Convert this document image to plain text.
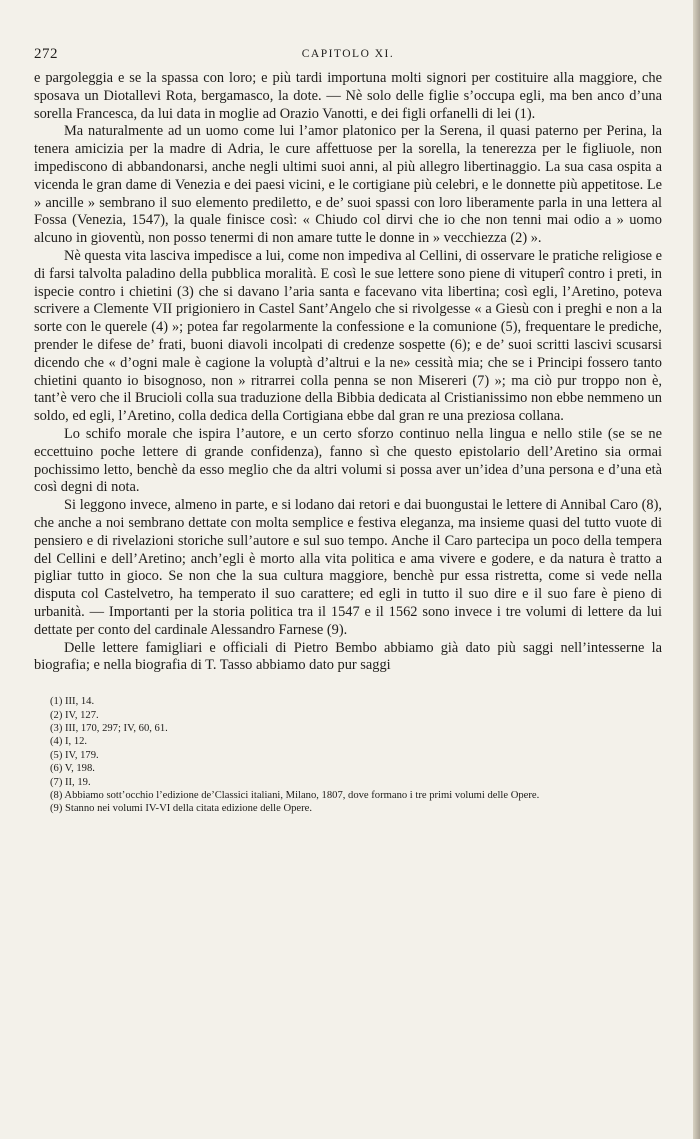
272	CAPITOLO XI.

e pargoleggia e se la spassa con loro; e più tardi importuna molti signori per costituire alla maggiore, che sposava un Diotallevi Rota, bergamasco, la dote. — Nè solo delle figlie s’occupa egli, ma ben anco d’una sorella Francesca, da lui data in moglie ad Orazio Vanotti, e dei figli orfanelli di lei (1).

Ma naturalmente ad un uomo come lui l’amor platonico per la Serena, il quasi paterno per Perina, la tenera amicizia per la madre di Adria, le cure affettuose per la sorella, la tenerezza per le figliuole, non impediscono di abbandonarsi, anche negli ultimi suoi anni, al più allegro libertinaggio. La sua casa ospita a vicenda le gran dame di Venezia e dei paesi vicini, e le cortigiane più celebri, e le donnette più appetitose. Le » ancille » sembrano il suo elemento prediletto, e de’ suoi spassi con loro liberamente parla in una lettera al Fossa (Venezia, 1547), la quale finisce così: « Chiudo col dirvi che io che non tenni mai odio a » uomo alcuno in gioventù, non posso tenermi di non amare tutte le donne in » vecchiezza (2) ».

Nè questa vita lasciva impedisce a lui, come non impediva al Cellini, di osservare le pratiche religiose e di farsi talvolta paladino della pubblica moralità. E così le sue lettere sono piene di vituperî contro i preti, in ispecie contro i chietini (3) che si davano l’aria santa e facevano vita libertina; così egli, l’Aretino, poteva scrivere a Clemente VII prigioniero in Castel Sant’Angelo che si rivolgesse « a Giesù con i preghi e non a la sorte con le querele (4) »; potea far regolarmente la confessione e la comunione (5), frequentare le prediche, prender le difese de’ frati, buoni diavoli incolpati di credenze sospette (6); e de’ suoi scritti lascivi scusarsi dicendo che « d’ogni male è cagione la voluptà d’altrui e la ne» cessità mia; che se i Principi fossero tanto chietini quanto io bisognoso, non » ritrarrei colla penna se non Misereri (7) »; ma ciò pur troppo non è, tant’è vero che il Brucioli colla sua traduzione della Bibbia dedicata al Cristianissimo non ebbe nemmeno un soldo, ed egli, l’Aretino, colla dedica della Cortigiana ebbe dal gran re una preziosa collana.

Lo schifo morale che ispira l’autore, e un certo sforzo continuo nella lingua e nello stile (se se ne eccettuino poche lettere di grande confidenza), fanno sì che questo epistolario dell’Aretino sia ormai pochissimo letto, benchè da esso meglio che da altri volumi si possa aver un’idea d’una persona e d’una età così degni di nota.

Si leggono invece, almeno in parte, e si lodano dai retori e dai buongustai le lettere di Annibal Caro (8), che anche a noi sembrano dettate con molta semplice e festiva eleganza, ma insieme quasi del tutto vuote di pensiero e di rivelazioni storiche sull’autore e sul suo tempo. Anche il Caro partecipa un poco della tempera del Cellini e dell’Aretino; anch’egli è morto alla vita politica e ama vivere e godere, e da natura è tratto a pigliar tutto in gioco. Se non che la sua cultura maggiore, benchè pur essa ristretta, come si vede nella disputa col Castelvetro, ha temperato il suo carattere; ed egli in tutto il suo dire e il suo fare è pieno di urbanità. — Importanti per la storia politica tra il 1547 e il 1562 sono invece i tre volumi di lettere da lui dettate per conto del cardinale Alessandro Farnese (9).

Delle lettere famigliari e officiali di Pietro Bembo abbiamo già dato più saggi nell’intesserne la biografia; e nella biografia di T. Tasso abbiamo dato pur saggi

(1) III, 14.

(2) IV, 127.

(3) III, 170, 297; IV, 60, 61.

(4) I, 12.

(5) IV, 179.

(6) V, 198.

(7) II, 19.

(8) Abbiamo sott’occhio l’edizione de’Classici italiani, Milano, 1807, dove formano i tre primi volumi delle Opere.

(9) Stanno nei volumi IV-VI della citata edizione delle Opere.
